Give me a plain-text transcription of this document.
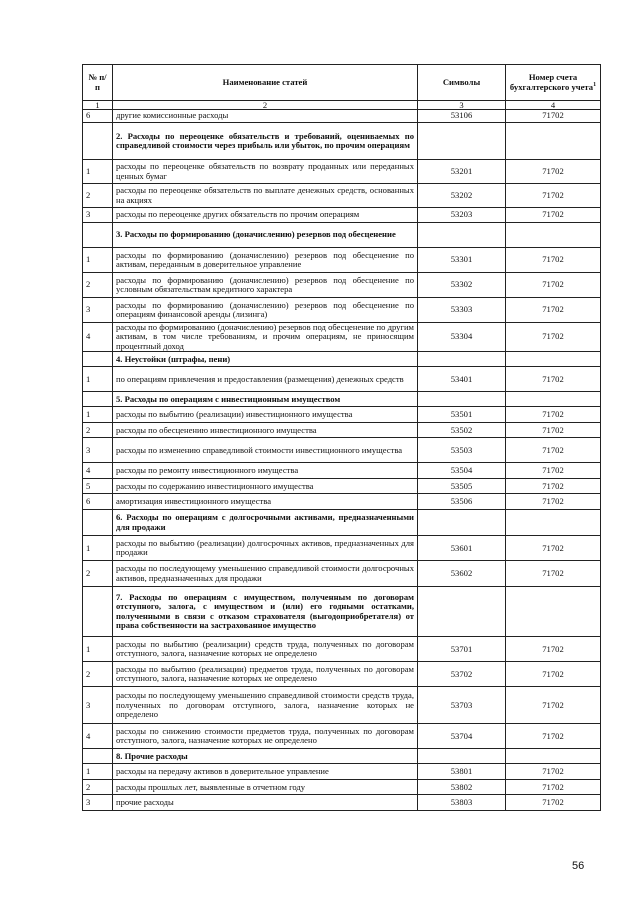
№ п/п	Наименование статей	Символы	Номер счета бухгалтерского учета$^1$
1	2	3	4
6	другие комиссионные расходы	53106	71702
	2. Расходы по переоценке обязательств и требований, оцениваемых по справедливой стоимости через прибыль или убыток, по прочим операциям		
1	расходы по переоценке обязательств по возврату проданных или переданных ценных бумаг	53201	71702
2	расходы по переоценке обязательств по выплате денежных средств, основанных на акциях	53202	71702
3	расходы по переоценке других обязательств по прочим операциям	53203	71702
	3. Расходы по формированию (доначислению) резервов под обесценение		
1	расходы по формированию (доначислению) резервов под обесценение по активам, переданным в доверительное управление	53301	71702
2	расходы по формированию (доначислению) резервов под обесценение по условным обязательствам кредитного характера	53302	71702
3	расходы по формированию (доначислению) резервов под обесценение по операциям финансовой аренды (лизинга)	53303	71702
4	расходы по формированию (доначислению) резервов под обесценение по другим активам, в том числе требованиям, и прочим операциям, не приносящим процентный доход	53304	71702
	4. Неустойки (штрафы, пени)		
1	по операциям привлечения и предоставления (размещения) денежных средств	53401	71702
	5. Расходы по операциям с инвестиционным имуществом		
1	расходы по выбытию (реализации) инвестиционного имущества	53501	71702
2	расходы по обесценению инвестиционного имущества	53502	71702
3	расходы по изменению справедливой стоимости инвестиционного имущества	53503	71702
4	расходы по ремонту инвестиционного имущества	53504	71702
5	расходы по содержанию инвестиционного имущества	53505	71702
6	амортизация инвестиционного имущества	53506	71702
	6. Расходы по операциям с долгосрочными активами, предназначенными для продажи		
1	расходы по выбытию (реализации) долгосрочных активов, предназначенных для продажи	53601	71702
2	расходы по последующему уменьшению справедливой стоимости долгосрочных активов, предназначенных для продажи	53602	71702
	7. Расходы по операциям с имуществом, полученным по договорам отступного, залога, с имуществом и (или) его годными остатками, полученными в связи с отказом страхователя (выгодоприобретателя) от права собственности на застрахованное имущество		
1	расходы по выбытию (реализации) средств труда, полученных по договорам отступного, залога, назначение которых не определено	53701	71702
2	расходы по выбытию (реализации) предметов труда, полученных по договорам отступного, залога, назначение которых не определено	53702	71702
3	расходы по последующему уменьшению справедливой стоимости средств труда, полученных по договорам отступного, залога, назначение которых не определено	53703	71702
4	расходы по снижению стоимости предметов труда, полученных по договорам отступного, залога, назначение которых не определено	53704	71702
	8. Прочие расходы		
1	расходы на передачу активов в доверительное управление	53801	71702
2	расходы прошлых лет, выявленные в отчетном году	53802	71702
3	прочие расходы	53803	71702
56
